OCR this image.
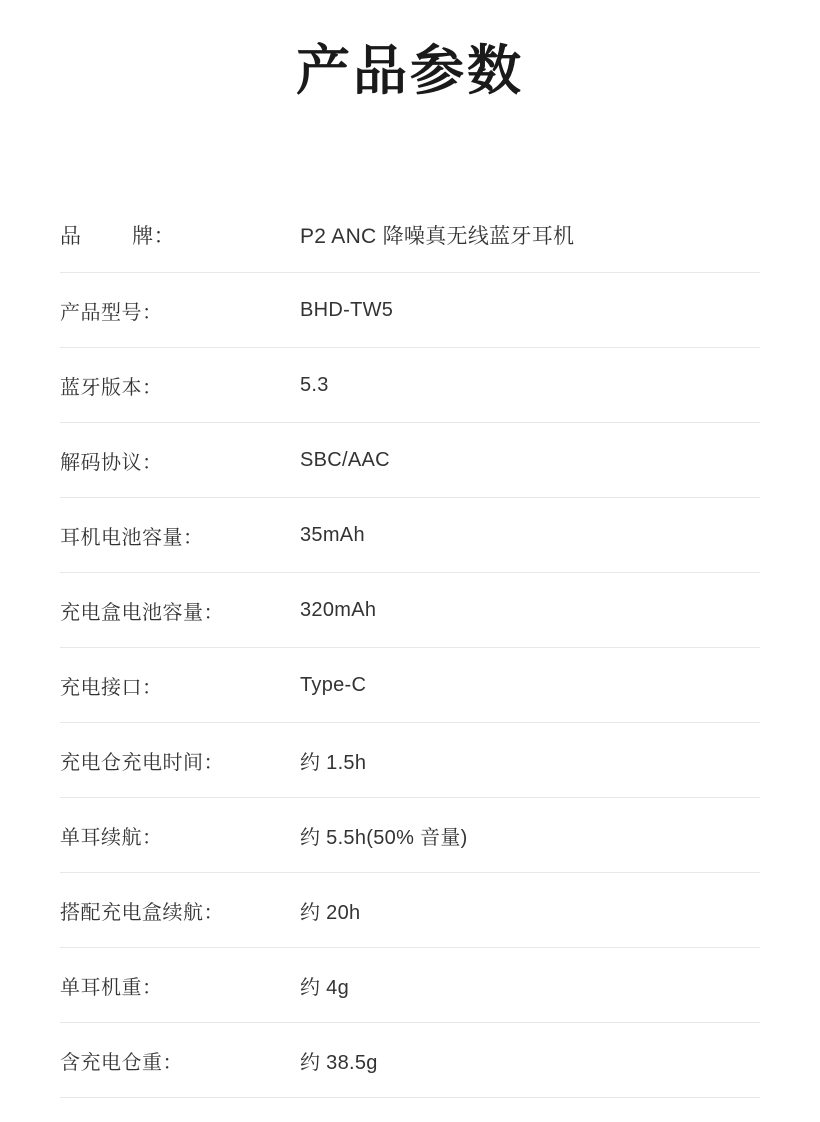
产品参数
品        牌：	P2 ANC 降噪真无线蓝牙耳机
产品型号：	BHD-TW5
蓝牙版本：	5.3
解码协议：	SBC/AAC
耳机电池容量：	35mAh
充电盒电池容量：	320mAh
充电接口：	Type-C
充电仓充电时间：	约 1.5h
单耳续航：	约 5.5h(50% 音量)
搭配充电盒续航：	约 20h
单耳机重：	约 4g
含充电仓重：	约 38.5g
